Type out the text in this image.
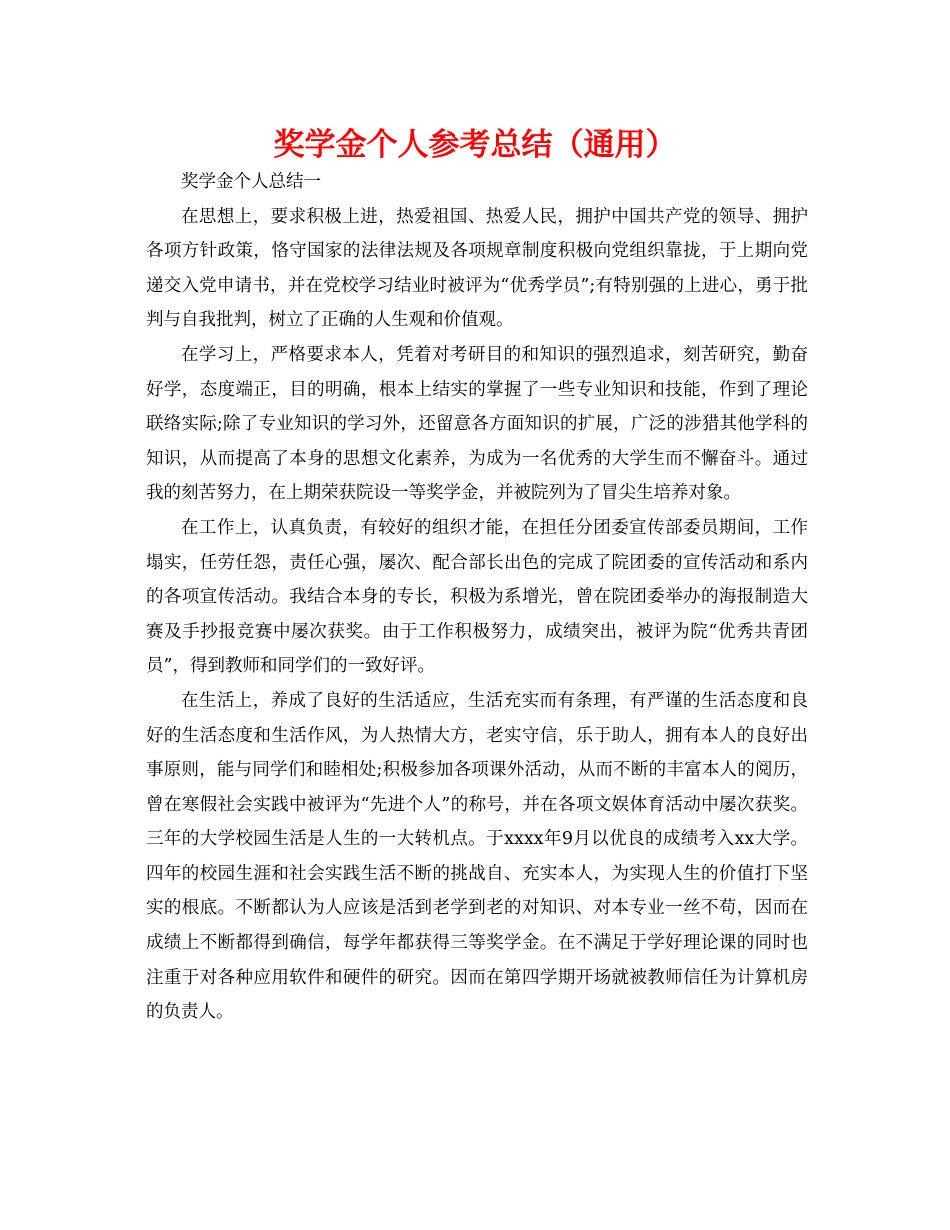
奖学金个人参考总结（通用）

奖学金个人总结一

在思想上，要求积极上进，热爱祖国、热爱人民，拥护中国共产党的领导、拥护各项方针政策，恪守国家的法律法规及各项规章制度积极向党组织靠拢，于上期向党递交入党申请书，并在党校学习结业时被评为“优秀学员”;有特别强的上进心，勇于批判与自我批判，树立了正确的人生观和价值观。

在学习上，严格要求本人，凭着对考研目的和知识的强烈追求，刻苦研究，勤奋好学，态度端正，目的明确，根本上结实的掌握了一些专业知识和技能，作到了理论联络实际;除了专业知识的学习外，还留意各方面知识的扩展，广泛的涉猎其他学科的知识，从而提高了本身的思想文化素养，为成为一名优秀的大学生而不懈奋斗。通过我的刻苦努力，在上期荣获院设一等奖学金，并被院列为了冒尖生培养对象。

在工作上，认真负责，有较好的组织才能，在担任分团委宣传部委员期间，工作塌实，任劳任怨，责任心强，屡次、配合部长出色的完成了院团委的宣传活动和系内的各项宣传活动。我结合本身的专长，积极为系增光，曾在院团委举办的海报制造大赛及手抄报竞赛中屡次获奖。由于工作积极努力，成绩突出，被评为院“优秀共青团员”，得到教师和同学们的一致好评。

在生活上，养成了良好的生活适应，生活充实而有条理，有严谨的生活态度和良好的生活态度和生活作风，为人热情大方，老实守信，乐于助人，拥有本人的良好出事原则，能与同学们和睦相处;积极参加各项课外活动，从而不断的丰富本人的阅历，曾在寒假社会实践中被评为“先进个人”的称号，并在各项文娱体育活动中屡次获奖。三年的大学校园生活是人生的一大转机点。于xxxx年9月以优良的成绩考入xx大学。四年的校园生涯和社会实践生活不断的挑战自、充实本人，为实现人生的价值打下坚实的根底。不断都认为人应该是活到老学到老的对知识、对本专业一丝不苟，因而在成绩上不断都得到确信，每学年都获得三等奖学金。在不满足于学好理论课的同时也注重于对各种应用软件和硬件的研究。因而在第四学期开场就被教师信任为计算机房的负责人。
